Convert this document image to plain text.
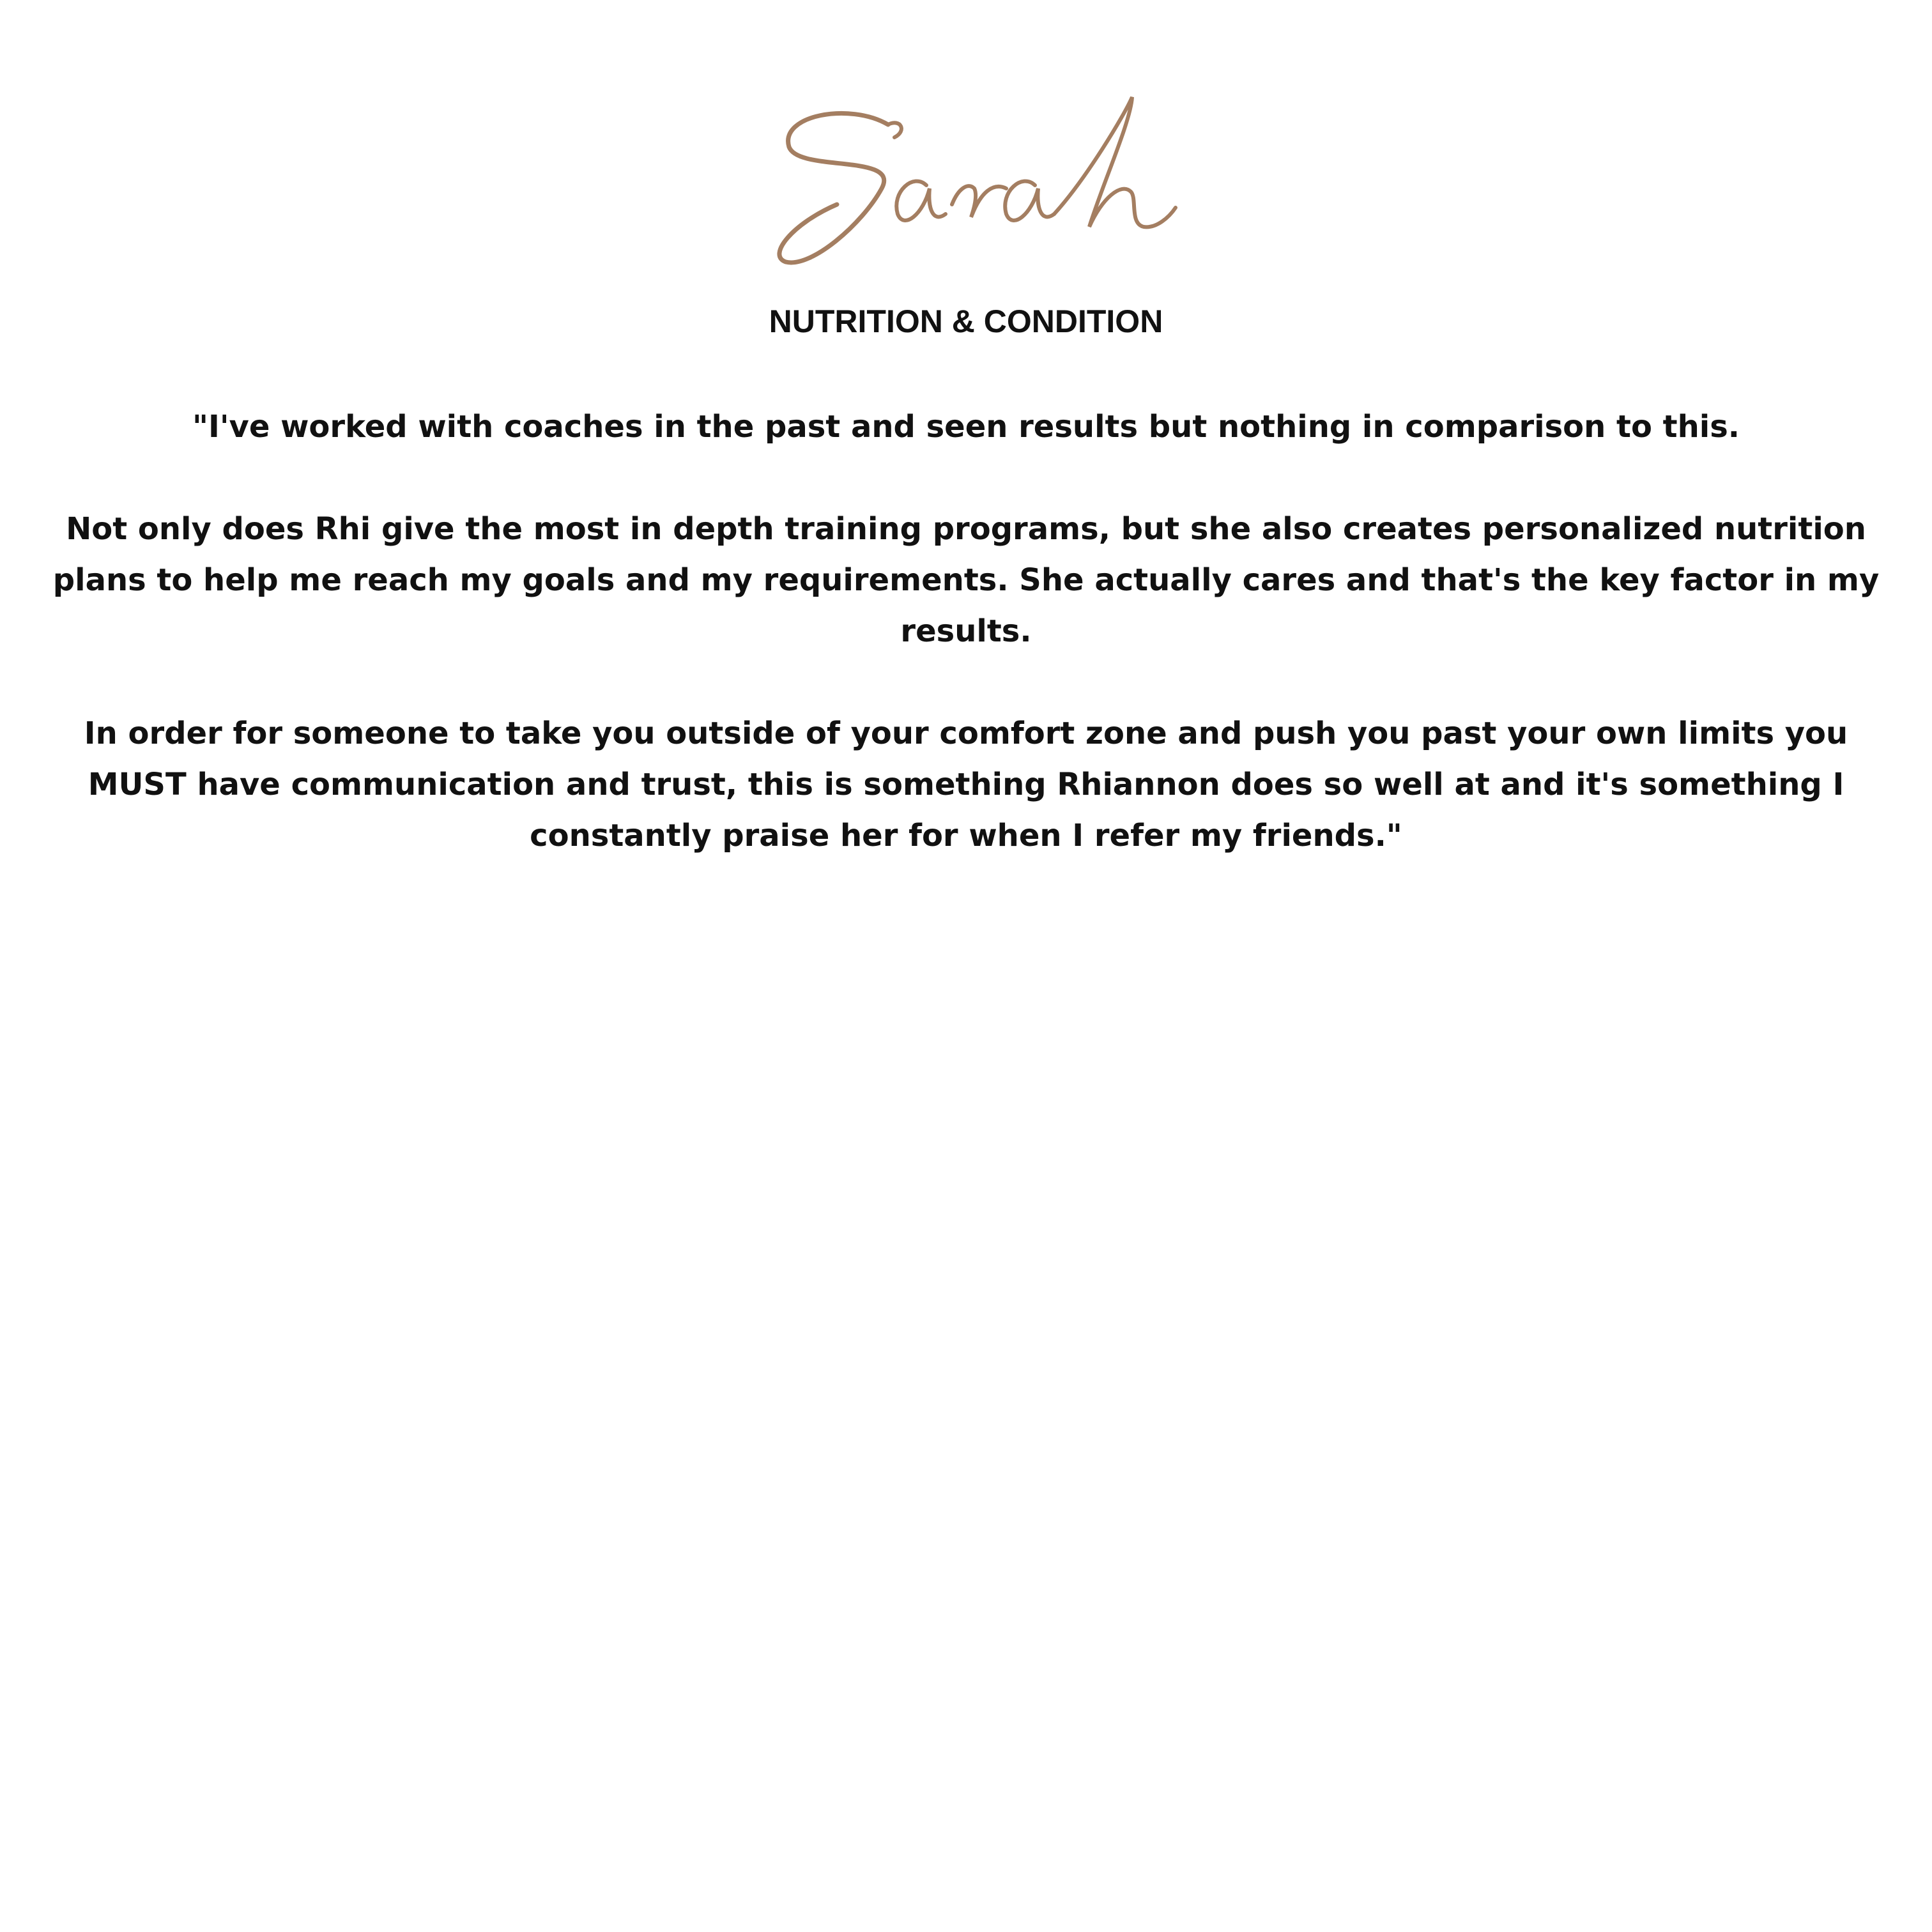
NUTRITION & CONDITION

"I've worked with coaches in the past and seen results but nothing in comparison to this.

Not only does Rhi give the most in depth training programs, but she also creates personalized nutrition plans to help me reach my goals and my requirements. She actually cares and that's the key factor in my results.

In order for someone to take you outside of your comfort zone and push you past your own limits you MUST have communication and trust, this is something Rhiannon does so well at and it's something I constantly praise her for when I refer my friends."
